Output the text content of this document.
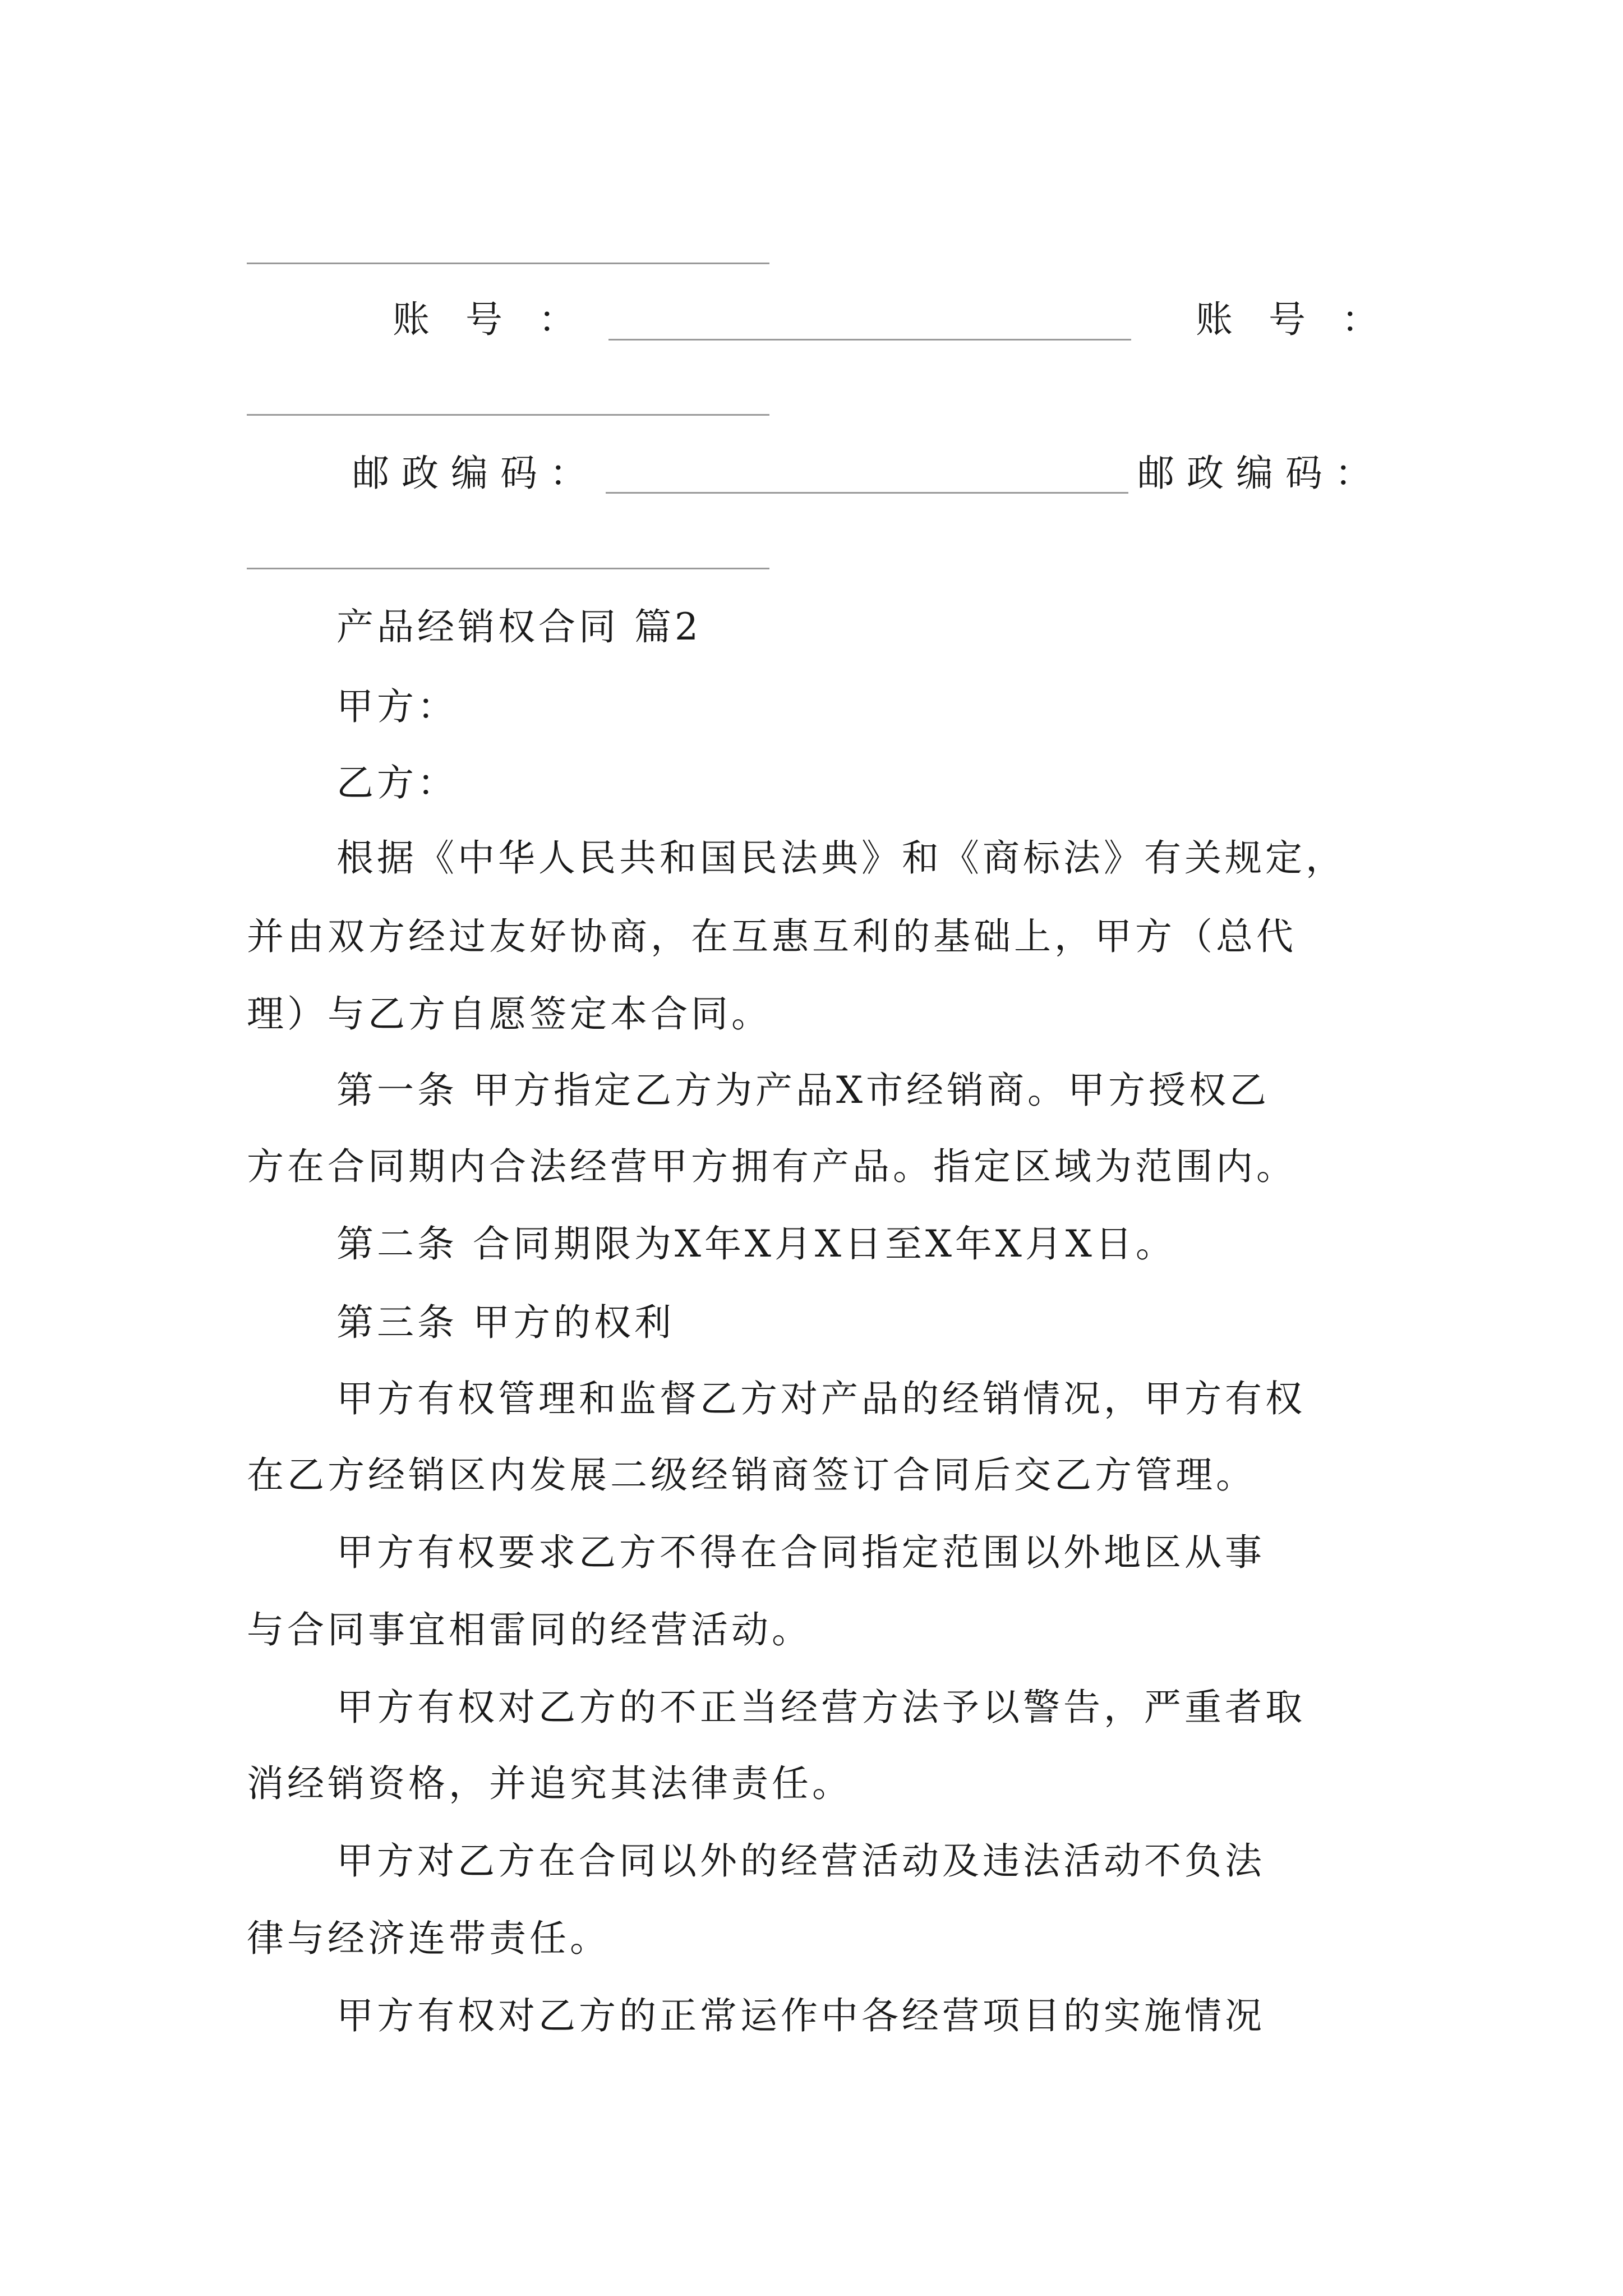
账号：	账号：
邮政编码：	邮政编码：
产品经销权合同 篇2
甲方：
乙方：
根据《中华人民共和国民法典》和《商标法》有关规定，
并由双方经过友好协商，在互惠互利的基础上，甲方（总代
理）与乙方自愿签定本合同。
第一条 甲方指定乙方为产品X市经销商。甲方授权乙
方在合同期内合法经营甲方拥有产品。指定区域为范围内。
第二条 合同期限为X年X月X日至X年X月X日。
第三条 甲方的权利
甲方有权管理和监督乙方对产品的经销情况，甲方有权
在乙方经销区内发展二级经销商签订合同后交乙方管理。
甲方有权要求乙方不得在合同指定范围以外地区从事
与合同事宜相雷同的经营活动。
甲方有权对乙方的不正当经营方法予以警告，严重者取
消经销资格，并追究其法律责任。
甲方对乙方在合同以外的经营活动及违法活动不负法
律与经济连带责任。
甲方有权对乙方的正常运作中各经营项目的实施情况
